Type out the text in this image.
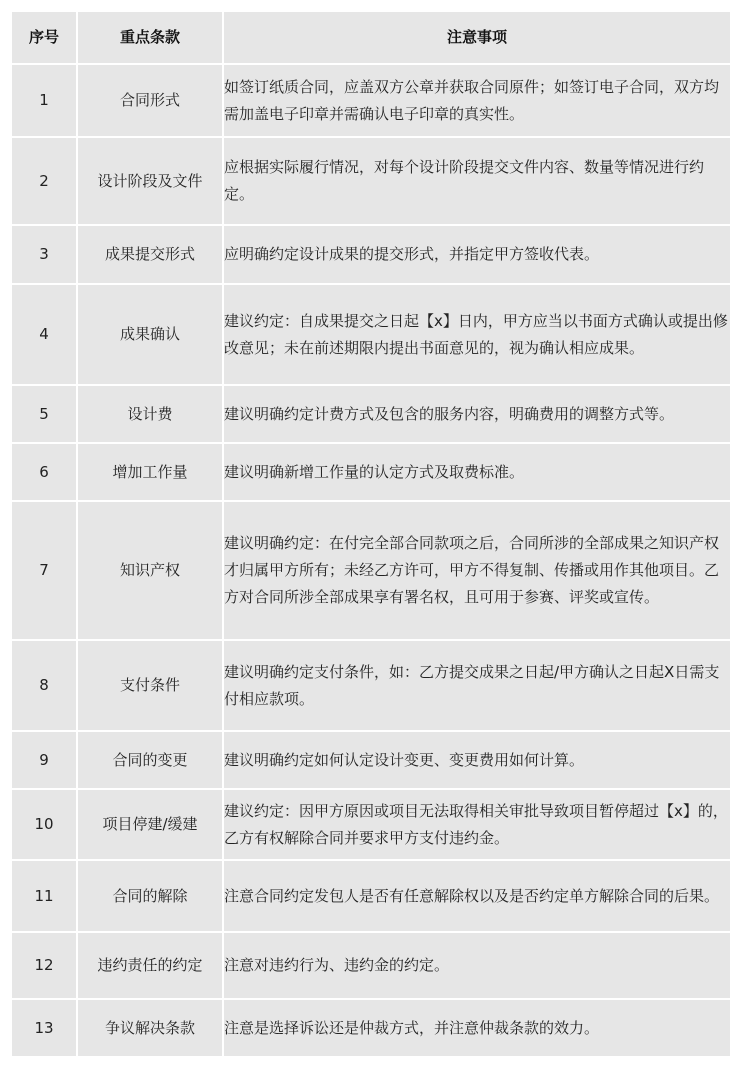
序号	重点条款	注意事项
1	合同形式	如签订纸质合同，应盖双方公章并获取合同原件；如签订电子合同，双方均需加盖电子印章并需确认电子印章的真实性。
2	设计阶段及文件	应根据实际履行情况，对每个设计阶段提交文件内容、数量等情况进行约定。
3	成果提交形式	应明确约定设计成果的提交形式，并指定甲方签收代表。
4	成果确认	建议约定：自成果提交之日起【x】日内，甲方应当以书面方式确认或提出修改意见；未在前述期限内提出书面意见的，视为确认相应成果。
5	设计费	建议明确约定计费方式及包含的服务内容，明确费用的调整方式等。
6	增加工作量	建议明确新增工作量的认定方式及取费标准。
7	知识产权	建议明确约定：在付完全部合同款项之后，合同所涉的全部成果之知识产权才归属甲方所有；未经乙方许可，甲方不得复制、传播或用作其他项目。乙方对合同所涉全部成果享有署名权，且可用于参赛、评奖或宣传。
8	支付条件	建议明确约定支付条件，如：乙方提交成果之日起/甲方确认之日起X日需支付相应款项。
9	合同的变更	建议明确约定如何认定设计变更、变更费用如何计算。
10	项目停建/缓建	建议约定：因甲方原因或项目无法取得相关审批导致项目暂停超过【x】的，乙方有权解除合同并要求甲方支付违约金。
11	合同的解除	注意合同约定发包人是否有任意解除权以及是否约定单方解除合同的后果。
12	违约责任的约定	注意对违约行为、违约金的约定。
13	争议解决条款	注意是选择诉讼还是仲裁方式，并注意仲裁条款的效力。
